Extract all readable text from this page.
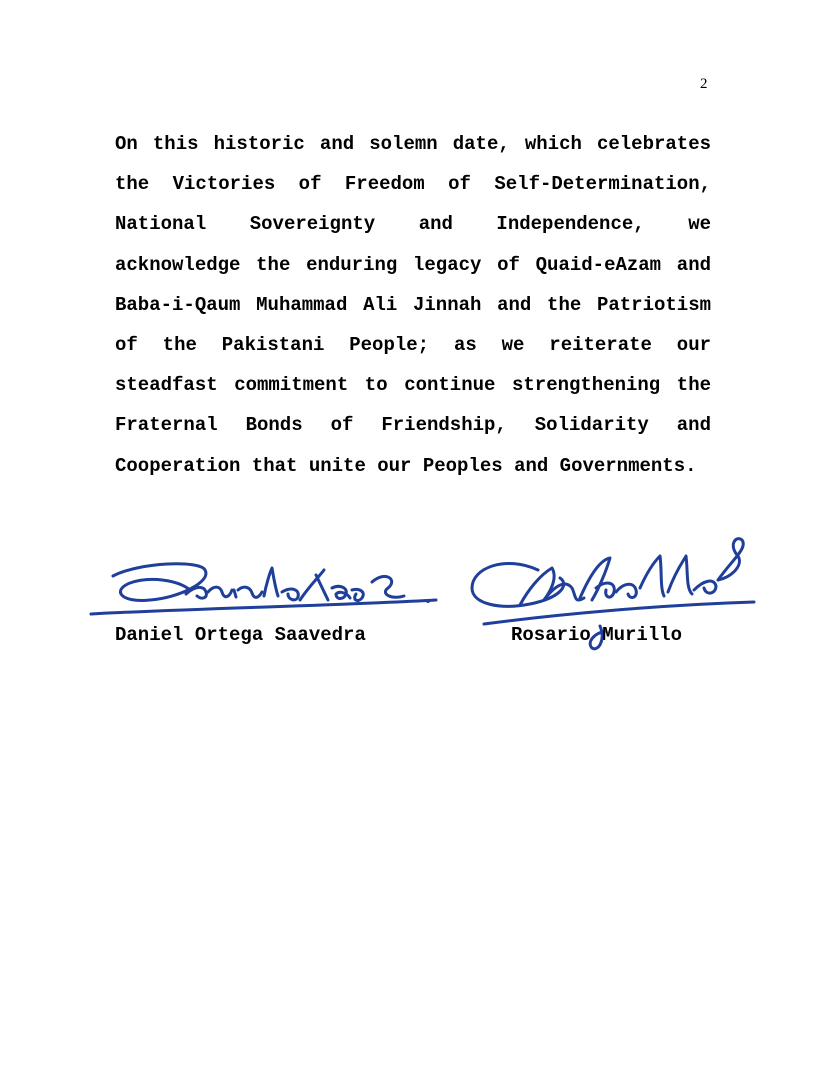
2

On this historic and solemn date, which celebrates the Victories of Freedom of Self-Determination, National Sovereignty and Independence, we acknowledge the enduring legacy of Quaid-eAzam and Baba-i-Qaum Muhammad Ali Jinnah and the Patriotism of the Pakistani People; as we reiterate our steadfast commitment to continue strengthening the Fraternal Bonds of Friendship, Solidarity and Cooperation that unite our Peoples and Governments.

Daniel Ortega Saavedra	Rosario Murillo
